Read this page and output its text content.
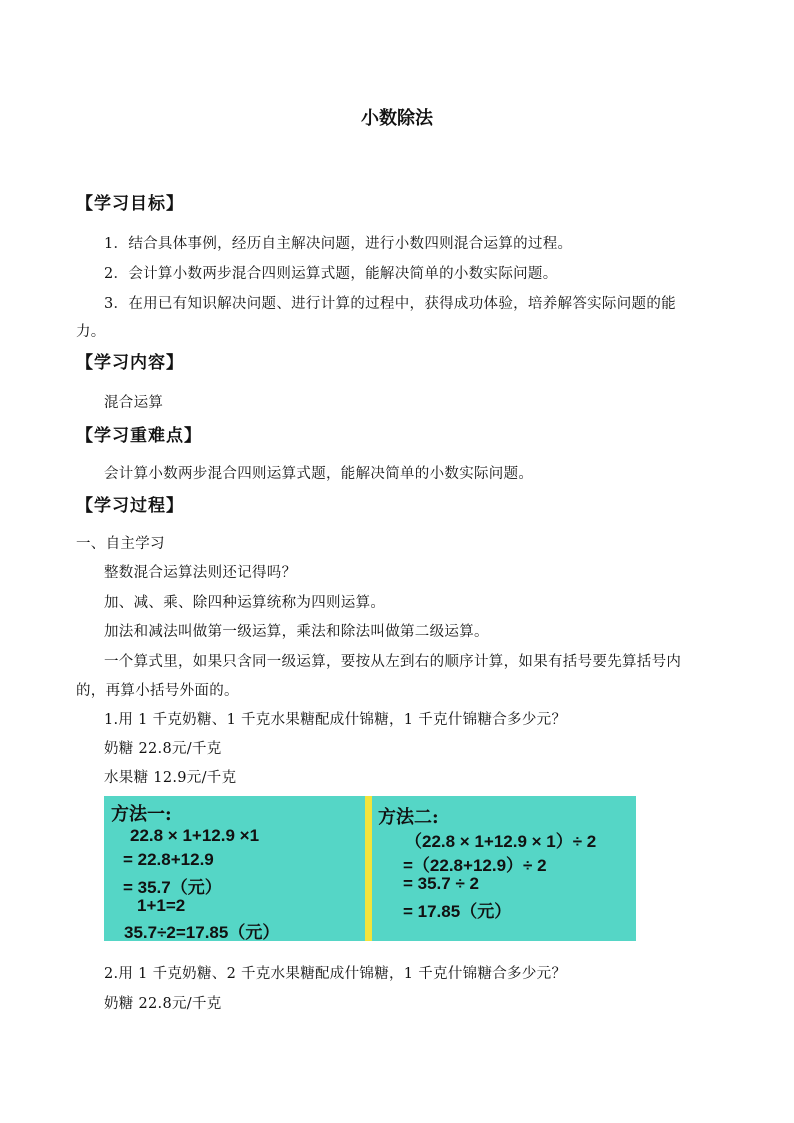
小数除法
【学习目标】
1．结合具体事例，经历自主解决问题，进行小数四则混合运算的过程。
2．会计算小数两步混合四则运算式题，能解决简单的小数实际问题。
3．在用已有知识解决问题、进行计算的过程中，获得成功体验，培养解答实际问题的能
力。
【学习内容】
混合运算
【学习重难点】
会计算小数两步混合四则运算式题，能解决简单的小数实际问题。
【学习过程】
一、自主学习
整数混合运算法则还记得吗？
加、减、乘、除四种运算统称为四则运算。
加法和减法叫做第一级运算，乘法和除法叫做第二级运算。
一个算式里，如果只含同一级运算，要按从左到右的顺序计算，如果有括号要先算括号内
的，再算小括号外面的。
1.用 1 千克奶糖、1 千克水果糖配成什锦糖，1 千克什锦糖合多少元？
奶糖 22.8元/千克
水果糖 12.9元/千克
方法一:
22.8 × 1+12.9 ×1
= 22.8+12.9
= 35.7（元）
1+1=2
35.7÷2=17.85（元）
方法二:
（22.8 × 1+12.9 × 1）÷ 2
=（22.8+12.9）÷ 2
= 35.7 ÷ 2
= 17.85（元）
2.用 1 千克奶糖、2 千克水果糖配成什锦糖，1 千克什锦糖合多少元？
奶糖 22.8元/千克
